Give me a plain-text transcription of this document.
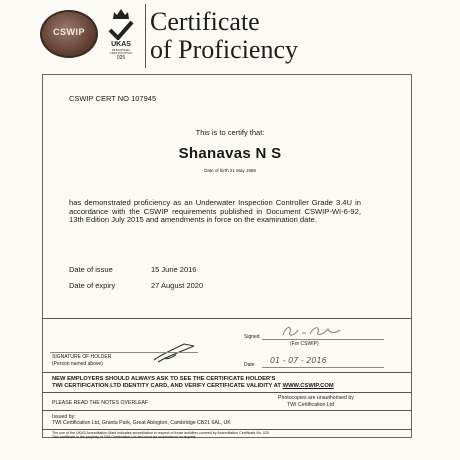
CSWIP
UKAS
PERSONNEL CERTIFICATION
025
Certificate
of Proficiency
CSWIP CERT NO 107945
This is to certify that:
Shanavas N S
Date of birth 21 May 1988
has demonstrated proficiency as an Underwater Inspection Controller Grade 3.4U in accordance with the CSWIP requirements published in Document CSWIP-WI-6-92, 13th Edition July 2015 and amendments in force on the examination date.
Date of issue	15 June 2016
Date of expiry	27 August 2020
Signed
(For CSWIP)
SIGNATURE OF HOLDER
(Person named above)	Date 01 - 07 - 2016
NEW EMPLOYERS SHOULD ALWAYS ASK TO SEE THE CERTIFICATE HOLDER'S
TWI CERTIFICATION LTD IDENTITY CARD, AND VERIFY CERTIFICATE VALIDITY AT WWW.CSWIP.COM
PLEASE READ THE NOTES OVERLEAF
Photocopies are unauthorised by
TWI Certification Ltd
Issued by:
TWI Certification Ltd, Granta Park, Great Abington, Cambridge CB21 6AL, UK
The use of the UKAS Accreditation Mark indicates accreditation in respect of those activities covered by Accreditation Certificate No. 025
This certificate is the property of TWI Certification Ltd and must be surrendered on request
